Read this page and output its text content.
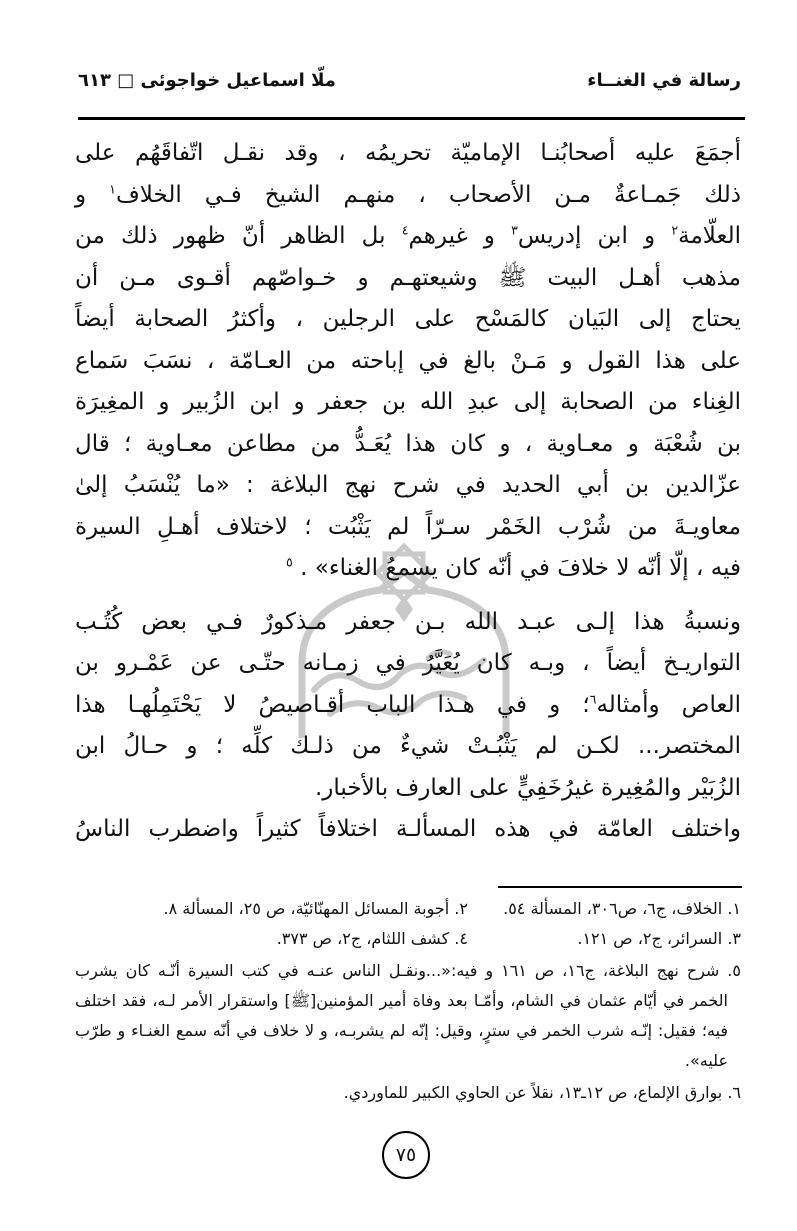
رسالة في الغنــاء
ملّا اسماعيل خواجوئى □ ٦١٣
أجمَعَ عليه أصحابُنـا الإماميّة تحريمُه ، وقد نقـل اتّفاقَهُم على
ذلك جَمـاعةٌ مـن الأصحاب ، منهـم الشيخ فـي الخلاف$^١$ و
العلّامة$^٢$ و ابن إدريس$^٣$ و غيرهم$^٤$ بل الظاهر أنّ ظهور ذلك من
مذهب أهـل البيت ﷺ وشيعتهـم و خـواصّهم أقـوى مـن أن
يحتاج إلى البَيان كالمَسْح على الرجلين ، وأكثرُ الصحابة أيضاً
على هذا القول و مَـنْ بالغ في إباحته من العـامّة ، نسَبَ سَماع
الغِناء من الصحابة إلى عبدِ الله بن جعفر و ابن الزُبير و المغِيرَة
بن شُعْبَة و معـاوية ، و كان هذا يُعَـدُّ من مطاعن معـاوية ؛ قال
عزّالدين بن أبي الحديد في شرح نهج البلاغة : «ما يُنْسَبُ إلىٰ
معاويـةَ من شُرْب الخَمْر سـرّاً لم يَثْبُت ؛ لاختلاف أهـلِ السيرة
فيه ، إلّا أنّه لا خلافَ في أنّه كان يسمعُ الغناء» . $^٥$
ونسبةُ هذا إلـى عبـد الله بـن جعفر مـذكورٌ فـي بعض كُتُـب
التواريـخ أيضاً ، وبـه كان يُعَيَّرُ في زمـانه حتّـى عن عَمْـرو بن
العاص وأمثاله$^٦$؛ و في هـذا الباب أقـاصيصُ لا يَحْتَمِلُهـا هذا
المختصر... لكـن لم يَثْبُـتْ شيءٌ من ذلـك كلِّه ؛ و حـالُ ابن
الزُبَيْر والمُغِيرة غيرُخَفِيٍّ على العارف بالأخبار.
واختلف العامّة في هذه المسألـة اختلافاً كثيراً واضطرب الناسُ
١. الخلاف، ج٦، ص٣٠٦، المسألة ٥٤.
٢. أجوبة المسائل المهنّائيّة، ص ٢٥، المسألة ٨.
٣. السرائر، ج٢، ص ١٢١.
٤. كشف اللثام، ج٢، ص ٣٧٣.
٥. شرح نهج البلاغة، ج١٦، ص ١٦١ و فيه:«...ونقـل الناس عنـه في كتب السيرة أنّـه كان يشرب
الخمر في أيّام عثمان في الشام، وأمّـا بعد وفاة أمير المؤمنين[ﷺ] واستقرار الأمر لـه، فقد اختلف
فيه؛ فقيل: إنّـه شرب الخمر في سترٍ، وقيل: إنّه لم يشربـه، و لا خلاف في أنّه سمع الغنـاء و طرّب
عليه».
٦. بوارق الإلماع، ص ١٢ـ١٣، نقلاً عن الحاوي الكبير للماوردي.
٧٥
